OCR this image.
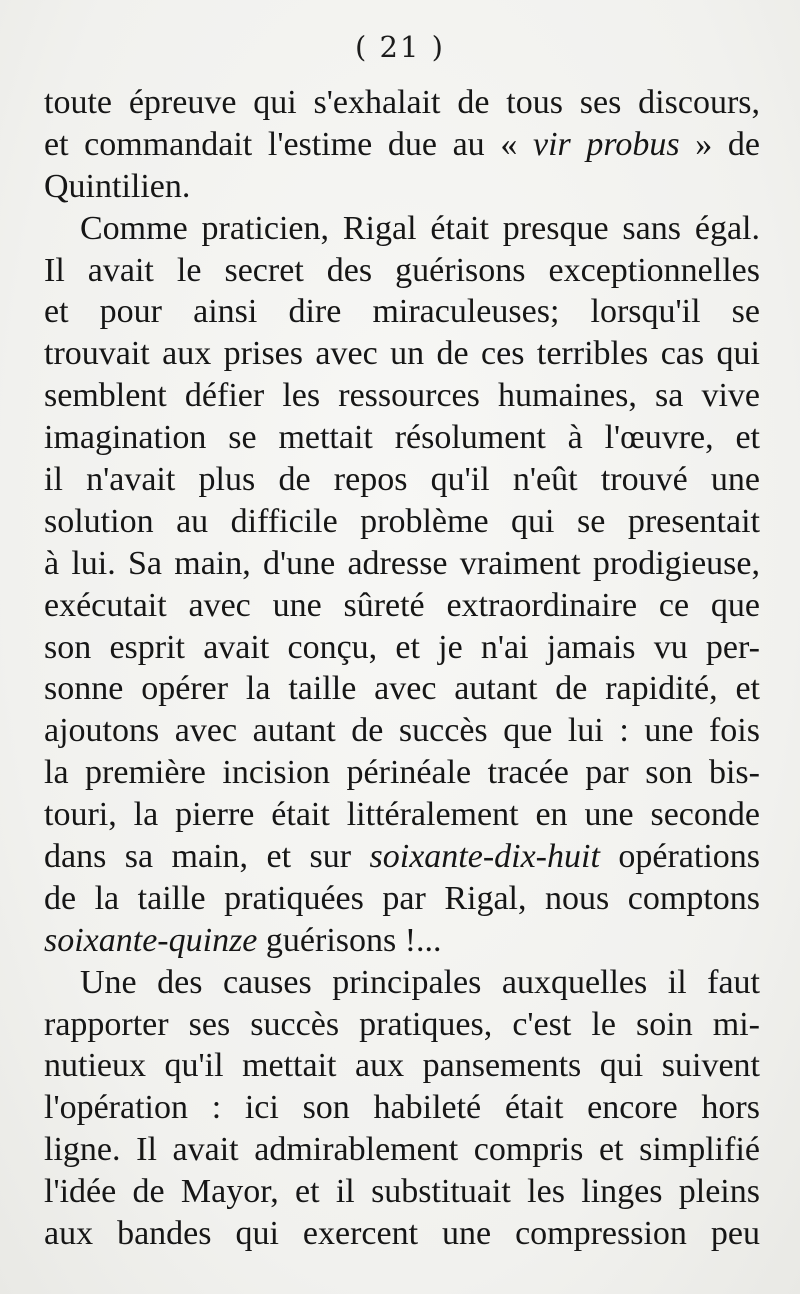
( 21 )
toute épreuve qui s'exhalait de tous ses discours,
et commandait l'estime due au « vir probus » de
Quintilien.
Comme praticien, Rigal était presque sans égal.
Il avait le secret des guérisons exceptionnelles
et pour ainsi dire miraculeuses; lorsqu'il se
trouvait aux prises avec un de ces terribles cas qui
semblent défier les ressources humaines, sa vive
imagination se mettait résolument à l'œuvre, et
il n'avait plus de repos qu'il n'eût trouvé une
solution au difficile problème qui se presentait
à lui. Sa main, d'une adresse vraiment prodigieuse,
exécutait avec une sûreté extraordinaire ce que
son esprit avait conçu, et je n'ai jamais vu per-
sonne opérer la taille avec autant de rapidité, et
ajoutons avec autant de succès que lui : une fois
la première incision périnéale tracée par son bis-
touri, la pierre était littéralement en une seconde
dans sa main, et sur soixante-dix-huit opérations
de la taille pratiquées par Rigal, nous comptons
soixante-quinze guérisons !...
Une des causes principales auxquelles il faut
rapporter ses succès pratiques, c'est le soin mi-
nutieux qu'il mettait aux pansements qui suivent
l'opération : ici son habileté était encore hors
ligne. Il avait admirablement compris et simplifié
l'idée de Mayor, et il substituait les linges pleins
aux bandes qui exercent une compression peu
